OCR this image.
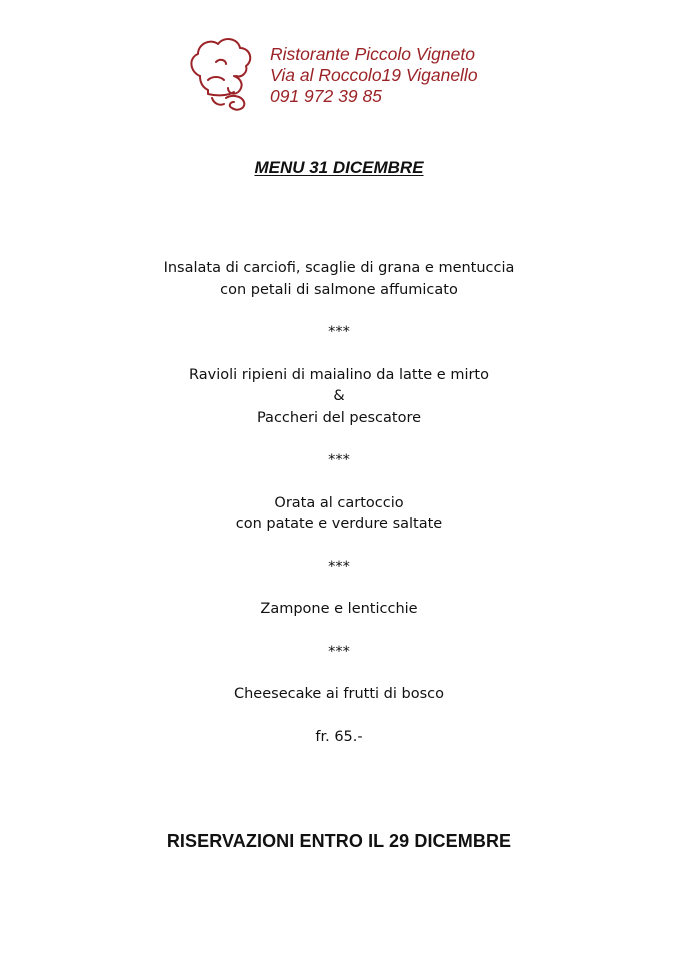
Ristorante Piccolo Vigneto
Via al Roccolo19 Viganello
091 972 39 85
MENU 31 DICEMBRE
Insalata di carciofi, scaglie di grana e mentuccia
con petali di salmone affumicato
***
Ravioli ripieni di maialino da latte e mirto
&
Paccheri del pescatore
***
Orata al cartoccio
con patate e verdure saltate
***
Zampone e lenticchie
***
Cheesecake ai frutti di bosco
fr. 65.-
RISERVAZIONI ENTRO IL 29 DICEMBRE
